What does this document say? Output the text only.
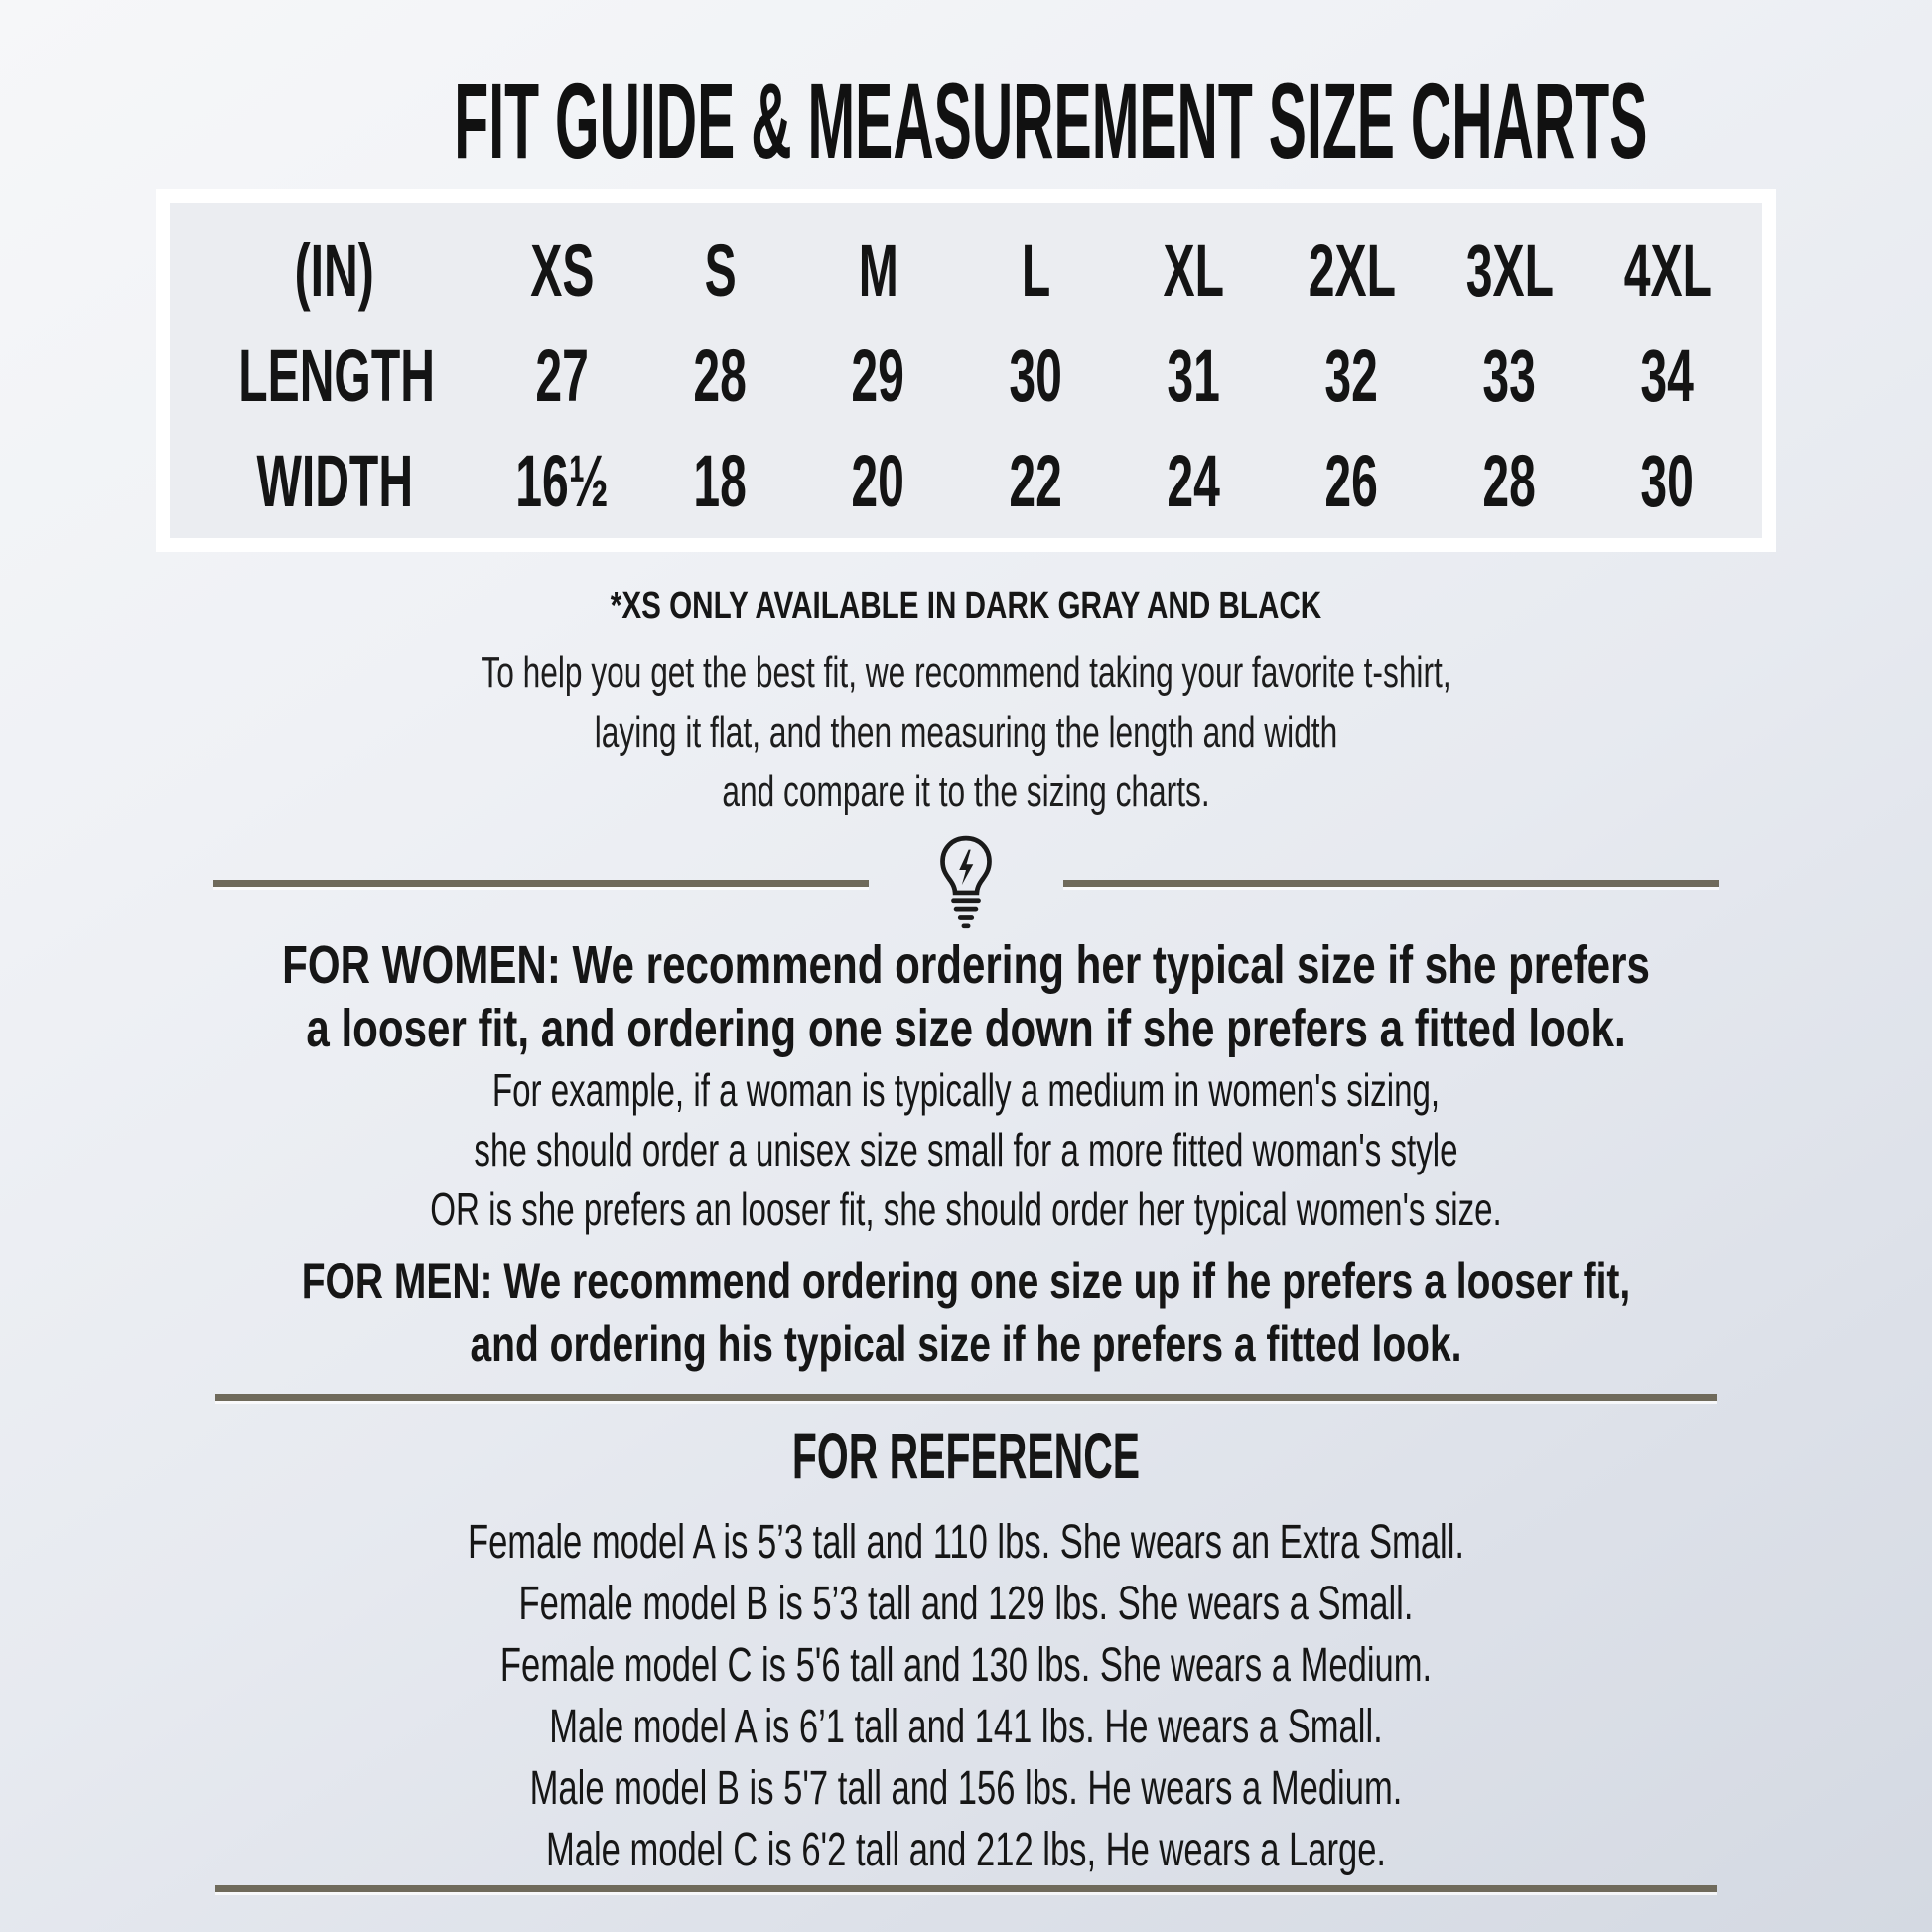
FIT GUIDE & MEASUREMENT SIZE CHARTS
(IN)	XS	S	M	L	XL	2XL 3XL 4XL
LENGTH	27	28	29	30	31	32	33	34
WIDTH	16½	18	20	22	24	26	28	30
*XS ONLY AVAILABLE IN DARK GRAY AND BLACK
To help you get the best fit, we recommend taking your favorite t-shirt,
laying it flat, and then measuring the length and width
and compare it to the sizing charts.
FOR WOMEN: We recommend ordering her typical size if she prefers
a looser fit, and ordering one size down if she prefers a fitted look.
For example, if a woman is typically a medium in women's sizing,
she should order a unisex size small for a more fitted woman's style
OR is she prefers an looser fit, she should order her typical women's size.
FOR MEN: We recommend ordering one size up if he prefers a looser fit,
and ordering his typical size if he prefers a fitted look.
FOR REFERENCE
Female model A is 5’3 tall and 110 lbs. She wears an Extra Small.
Female model B is 5’3 tall and 129 lbs. She wears a Small.
Female model C is 5'6 tall and 130 lbs. She wears a Medium.
Male model A is 6’1 tall and 141 lbs. He wears a Small.
Male model B is 5'7 tall and 156 lbs. He wears a Medium.
Male model C is 6'2 tall and 212 lbs, He wears a Large.
